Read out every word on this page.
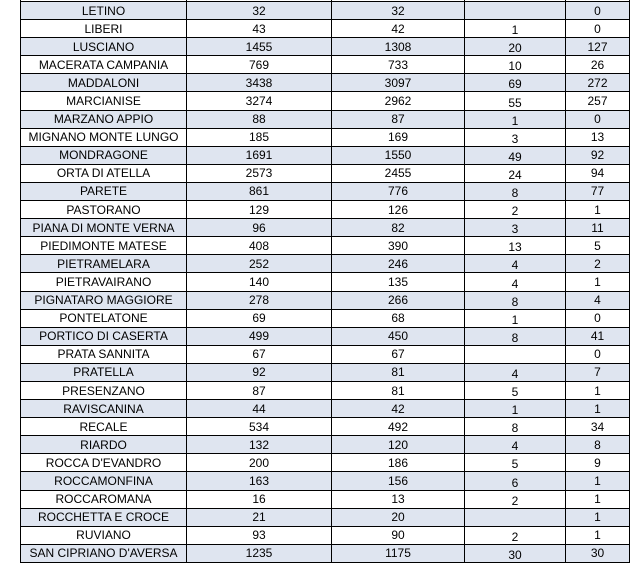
LETINO	32	32		0
LIBERI	43	42	1	0
LUSCIANO	1455	1308	20	127
MACERATA CAMPANIA	769	733	10	26
MADDALONI	3438	3097	69	272
MARCIANISE	3274	2962	55	257
MARZANO APPIO	88	87	1	0
MIGNANO MONTE LUNGO	185	169	3	13
MONDRAGONE	1691	1550	49	92
ORTA DI ATELLA	2573	2455	24	94
PARETE	861	776	8	77
PASTORANO	129	126	2	1
PIANA DI MONTE VERNA	96	82	3	11
PIEDIMONTE MATESE	408	390	13	5
PIETRAMELARA	252	246	4	2
PIETRAVAIRANO	140	135	4	1
PIGNATARO MAGGIORE	278	266	8	4
PONTELATONE	69	68	1	0
PORTICO DI CASERTA	499	450	8	41
PRATA SANNITA	67	67		0
PRATELLA	92	81	4	7
PRESENZANO	87	81	5	1
RAVISCANINA	44	42	1	1
RECALE	534	492	8	34
RIARDO	132	120	4	8
ROCCA D'EVANDRO	200	186	5	9
ROCCAMONFINA	163	156	6	1
ROCCAROMANA	16	13	2	1
ROCCHETTA E CROCE	21	20		1
RUVIANO	93	90	2	1
SAN CIPRIANO D'AVERSA	1235	1175	30	30
